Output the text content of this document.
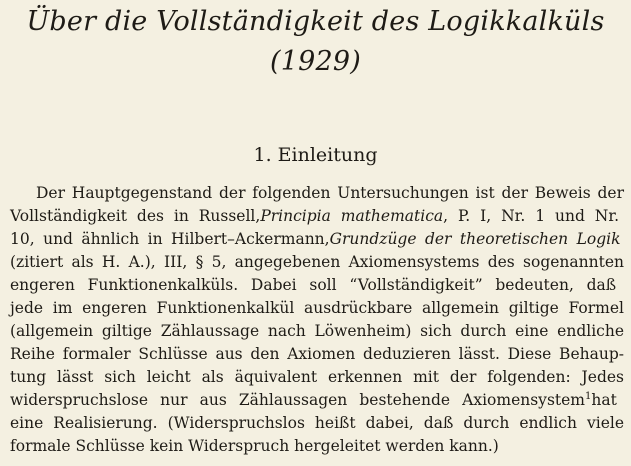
Über die Vollständigkeit des Logikkalküls
(1929)
1. Einleitung
Der Hauptgegenstand der folgenden Untersuchungen ist der Beweis der
Vollständigkeit des in Russell,Principia mathematica, P. I, Nr. 1 und Nr.
10, und ähnlich in Hilbert–Ackermann,Grundzüge der theoretischen Logik
(zitiert als H. A.), III, § 5, angegebenen Axiomensystems des sogenannten
engeren Funktionenkalküls. Dabei soll “Vollständigkeit” bedeuten, daß
jede im engeren Funktionenkalkül ausdrückbare allgemein giltige Formel
(allgemein giltige Zählaussage nach Löwenheim) sich durch eine endliche
Reihe formaler Schlüsse aus den Axiomen deduzieren lässt. Diese Behaup-
tung lässt sich leicht als äquivalent erkennen mit der folgenden: Jedes
widerspruchslose nur aus Zählaussagen bestehende Axiomensystem$^1$hat
eine Realisierung. (Widerspruchslos heißt dabei, daß durch endlich viele
formale Schlüsse kein Widerspruch hergeleitet werden kann.)
